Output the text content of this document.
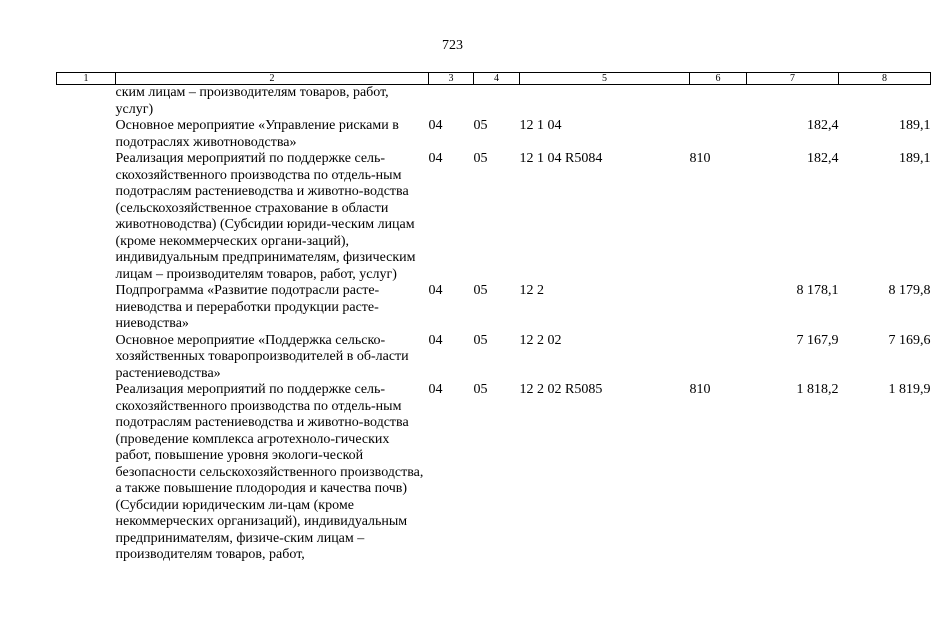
723
1	2	3	4	5	6	7	8
	ским лицам – производителям товаров, работ, услуг)						
	Основное мероприятие «Управление рисками в подотраслях животноводства»	04	05	12 1 04		182,4	189,1
	Реализация мероприятий по поддержке сель-скохозяйственного производства по отдель-ным подотраслям растениеводства и животно-водства (сельскохозяйственное страхование в области животноводства) (Субсидии юриди-ческим лицам (кроме некоммерческих органи-заций), индивидуальным предпринимателям, физическим лицам – производителям товаров, работ, услуг)	04	05	12 1 04 R5084	810	182,4	189,1
	Подпрограмма «Развитие подотрасли расте-ниеводства и переработки продукции расте-ниеводства»	04	05	12 2		8 178,1	8 179,8
	Основное мероприятие «Поддержка сельско-хозяйственных товаропроизводителей в об-ласти растениеводства»	04	05	12 2 02		7 167,9	7 169,6
	Реализация мероприятий по поддержке сель-скохозяйственного производства по отдель-ным подотраслям растениеводства и животно-водства (проведение комплекса агротехноло-гических работ, повышение уровня экологи-ческой безопасности сельскохозяйственного производства, а также повышение плодородия и качества почв) (Субсидии юридическим ли-цам (кроме некоммерческих организаций), индивидуальным предпринимателям, физиче-ским лицам – производителям товаров, работ,	04	05	12 2 02 R5085	810	1 818,2	1 819,9
